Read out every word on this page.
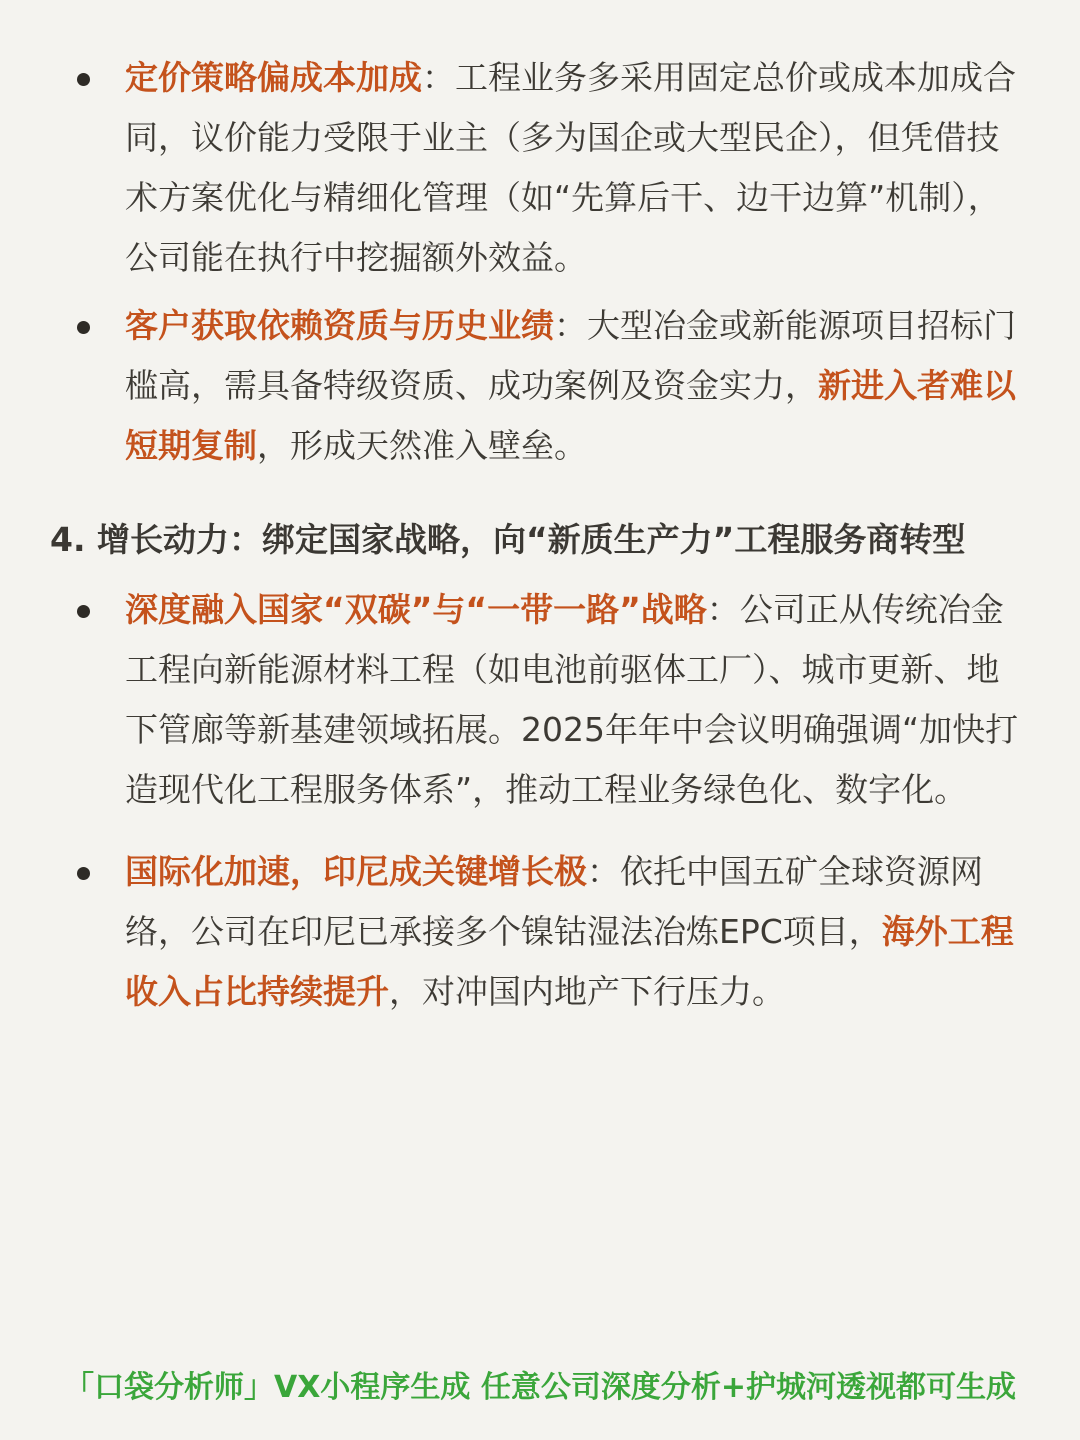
定价策略偏成本加成：工程业务多采用固定总价或成本加成合同，议价能力受限于业主（多为国企或大型民企），但凭借技术方案优化与精细化管理（如“先算后干、边干边算”机制），公司能在执行中挖掘额外效益。
客户获取依赖资质与历史业绩：大型冶金或新能源项目招标门槛高，需具备特级资质、成功案例及资金实力，新进入者难以短期复制，形成天然准入壁垒。
4. 增长动力：绑定国家战略，向“新质生产力”工程服务商转型
深度融入国家“双碳”与“一带一路”战略：公司正从传统冶金工程向新能源材料工程（如电池前驱体工厂）、城市更新、地下管廊等新基建领域拓展。2025年年中会议明确强调“加快打造现代化工程服务体系”，推动工程业务绿色化、数字化。
国际化加速，印尼成关键增长极：依托中国五矿全球资源网络，公司在印尼已承接多个镍钴湿法冶炼EPC项目，海外工程收入占比持续提升，对冲国内地产下行压力。
「口袋分析师」VX小程序生成 任意公司深度分析+护城河透视都可生成
